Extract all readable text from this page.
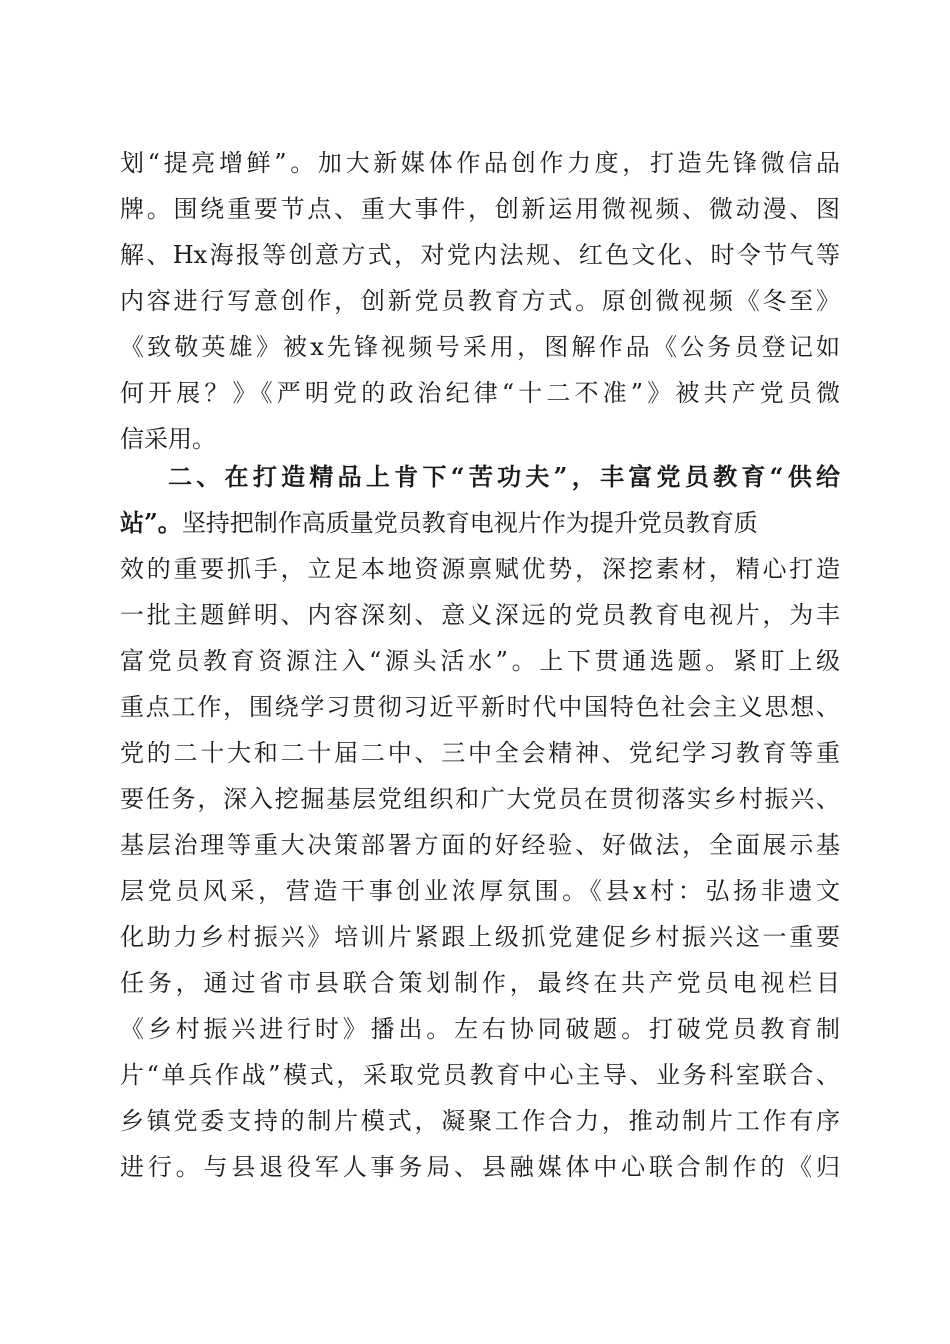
划“提亮增鲜”。加大新媒体作品创作力度，打造先锋微信品
牌。围绕重要节点、重大事件，创新运用微视频、微动漫、图
解、Hx海报等创意方式，对党内法规、红色文化、时令节气等
内容进行写意创作，创新党员教育方式。原创微视频《冬至》
《致敬英雄》被x先锋视频号采用，图解作品《公务员登记如
何开展？》《严明党的政治纪律“十二不准”》被共产党员微
信采用。
二、在打造精品上肯下“苦功夫”，丰富党员教育“供给
站”。坚持把制作高质量党员教育电视片作为提升党员教育质
效的重要抓手，立足本地资源禀赋优势，深挖素材，精心打造
一批主题鲜明、内容深刻、意义深远的党员教育电视片，为丰
富党员教育资源注入“源头活水”。上下贯通选题。紧盯上级
重点工作，围绕学习贯彻习近平新时代中国特色社会主义思想、
党的二十大和二十届二中、三中全会精神、党纪学习教育等重
要任务，深入挖掘基层党组织和广大党员在贯彻落实乡村振兴、
基层治理等重大决策部署方面的好经验、好做法，全面展示基
层党员风采，营造干事创业浓厚氛围。《县x村：弘扬非遗文
化助力乡村振兴》培训片紧跟上级抓党建促乡村振兴这一重要
任务，通过省市县联合策划制作，最终在共产党员电视栏目
《乡村振兴进行时》播出。左右协同破题。打破党员教育制
片“单兵作战”模式，采取党员教育中心主导、业务科室联合、
乡镇党委支持的制片模式，凝聚工作合力，推动制片工作有序
进行。与县退役军人事务局、县融媒体中心联合制作的《归
